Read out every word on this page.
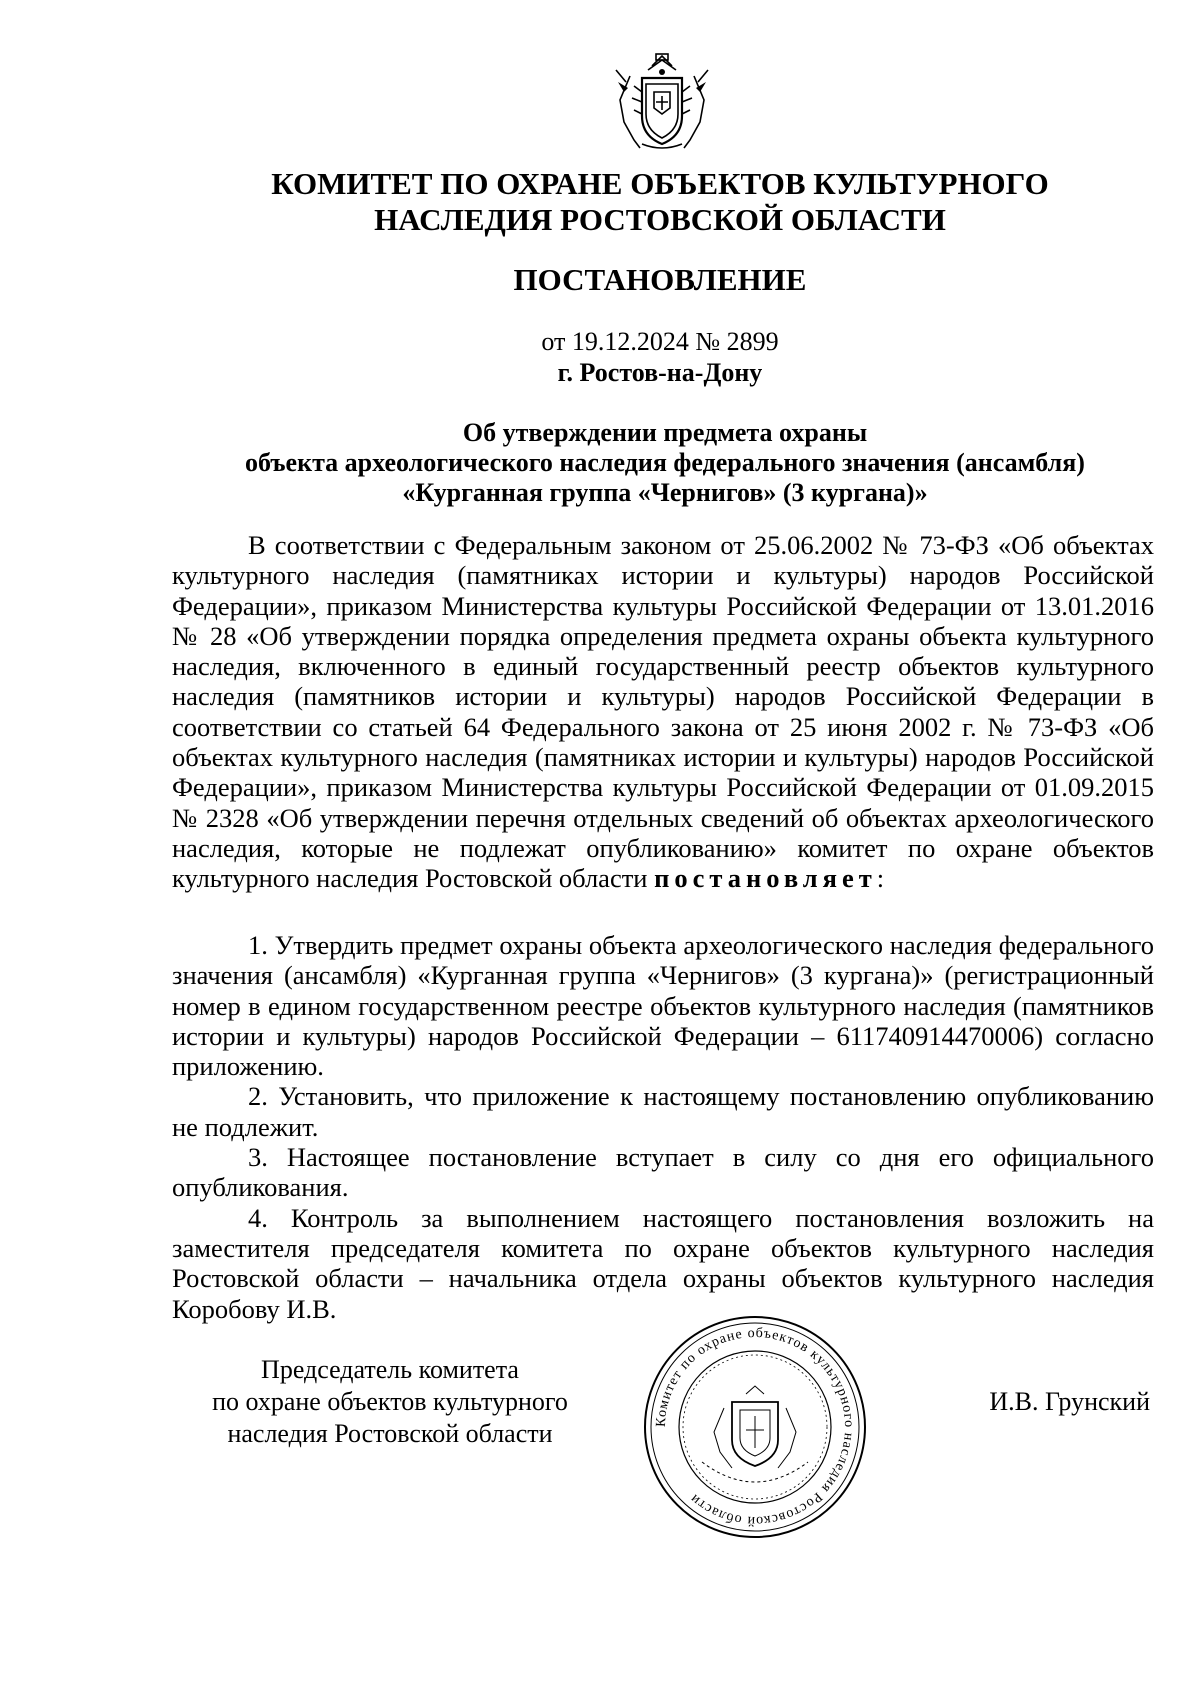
КОМИТЕТ ПО ОХРАНЕ ОБЪЕКТОВ КУЛЬТУРНОГО
НАСЛЕДИЯ РОСТОВСКОЙ ОБЛАСТИ
ПОСТАНОВЛЕНИЕ
от 19.12.2024 № 2899
г. Ростов-на-Дону
Об утверждении предмета охраны
объекта археологического наследия федерального значения (ансамбля)
«Курганная группа «Чернигов» (3 кургана)»

В соответствии с Федеральным законом от 25.06.2002 № 73-ФЗ «Об объектах культурного наследия (памятниках истории и культуры) народов Российской Федерации», приказом Министерства культуры Российской Федерации от 13.01.2016 № 28 «Об утверждении порядка определения предмета охраны объекта культурного наследия, включенного в единый государственный реестр объектов культурного наследия (памятников истории и культуры) народов Российской Федерации в соответствии со статьей 64 Федерального закона от 25 июня 2002 г. № 73-ФЗ «Об объектах культурного наследия (памятниках истории и культуры) народов Российской Федерации», приказом Министерства культуры Российской Федерации от 01.09.2015 № 2328 «Об утверждении перечня отдельных сведений об объектах археологического наследия, которые не подлежат опубликованию» комитет по охране объектов культурного наследия Ростовской области постановляет:

1. Утвердить предмет охраны объекта археологического наследия федерального значения (ансамбля) «Курганная группа «Чернигов» (3 кургана)» (регистрационный номер в едином государственном реестре объектов культурного наследия (памятников истории и культуры) народов Российской Федерации – 611740914470006) согласно приложению.

2. Установить, что приложение к настоящему постановлению опубликованию не подлежит.

3. Настоящее постановление вступает в силу со дня его официального опубликования.

4. Контроль за выполнением настоящего постановления возложить на заместителя председателя комитета по охране объектов культурного наследия Ростовской области – начальника отдела охраны объектов культурного наследия Коробову И.В.

Председатель комитета
по охране объектов культурного
наследия Ростовской области	Комитет по охране объектов культурного наследия Ростовской области
И.В. Грунский
